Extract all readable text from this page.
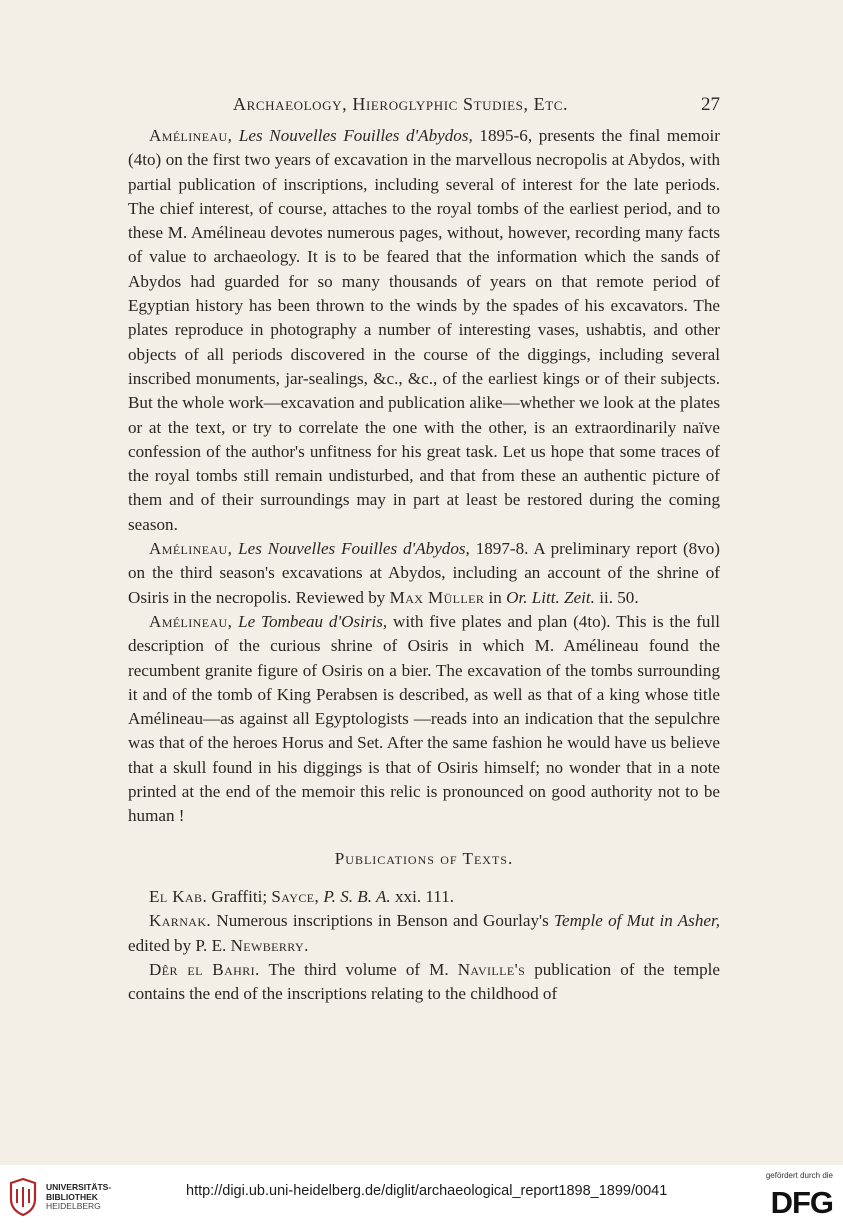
Archaeology, Hieroglyphic Studies, Etc.	27

Amélineau, Les Nouvelles Fouilles d'Abydos, 1895-6, presents the final memoir (4to) on the first two years of excavation in the marvellous necropolis at Abydos, with partial publication of inscriptions, including several of interest for the late periods. The chief interest, of course, attaches to the royal tombs of the earliest period, and to these M. Amélineau devotes numerous pages, without, however, recording many facts of value to archaeology. It is to be feared that the information which the sands of Abydos had guarded for so many thousands of years on that remote period of Egyptian history has been thrown to the winds by the spades of his excavators. The plates reproduce in photography a number of interesting vases, ushabtis, and other objects of all periods discovered in the course of the diggings, including several inscribed monuments, jar-sealings, &c., &c., of the earliest kings or of their subjects. But the whole work—excavation and publication alike—whether we look at the plates or at the text, or try to correlate the one with the other, is an extraordinarily naïve confession of the author's unfitness for his great task. Let us hope that some traces of the royal tombs still remain undisturbed, and that from these an authentic picture of them and of their surroundings may in part at least be restored during the coming season.

Amélineau, Les Nouvelles Fouilles d'Abydos, 1897-8. A preliminary report (8vo) on the third season's excavations at Abydos, including an account of the shrine of Osiris in the necropolis. Reviewed by Max Müller in Or. Litt. Zeit. ii. 50.

Amélineau, Le Tombeau d'Osiris, with five plates and plan (4to). This is the full description of the curious shrine of Osiris in which M. Amélineau found the recumbent granite figure of Osiris on a bier. The excavation of the tombs surrounding it and of the tomb of King Perabsen is described, as well as that of a king whose title Amélineau—as against all Egyptologists —reads into an indication that the sepulchre was that of the heroes Horus and Set. After the same fashion he would have us believe that a skull found in his diggings is that of Osiris himself; no wonder that in a note printed at the end of the memoir this relic is pronounced on good authority not to be human !

Publications of Texts.

El Kab. Graffiti; Sayce, P. S. B. A. xxi. 111.

Karnak. Numerous inscriptions in Benson and Gourlay's Temple of Mut in Asher, edited by P. E. Newberry.

Dêr el Bahri. The third volume of M. Naville's publication of the temple contains the end of the inscriptions relating to the childhood of

UNIVERSITÄTS-
BIBLIOTHEK
HEIDELBERG
http://digi.ub.uni-heidelberg.de/diglit/archaeological_report1898_1899/0041
gefördert durch die
DFG
